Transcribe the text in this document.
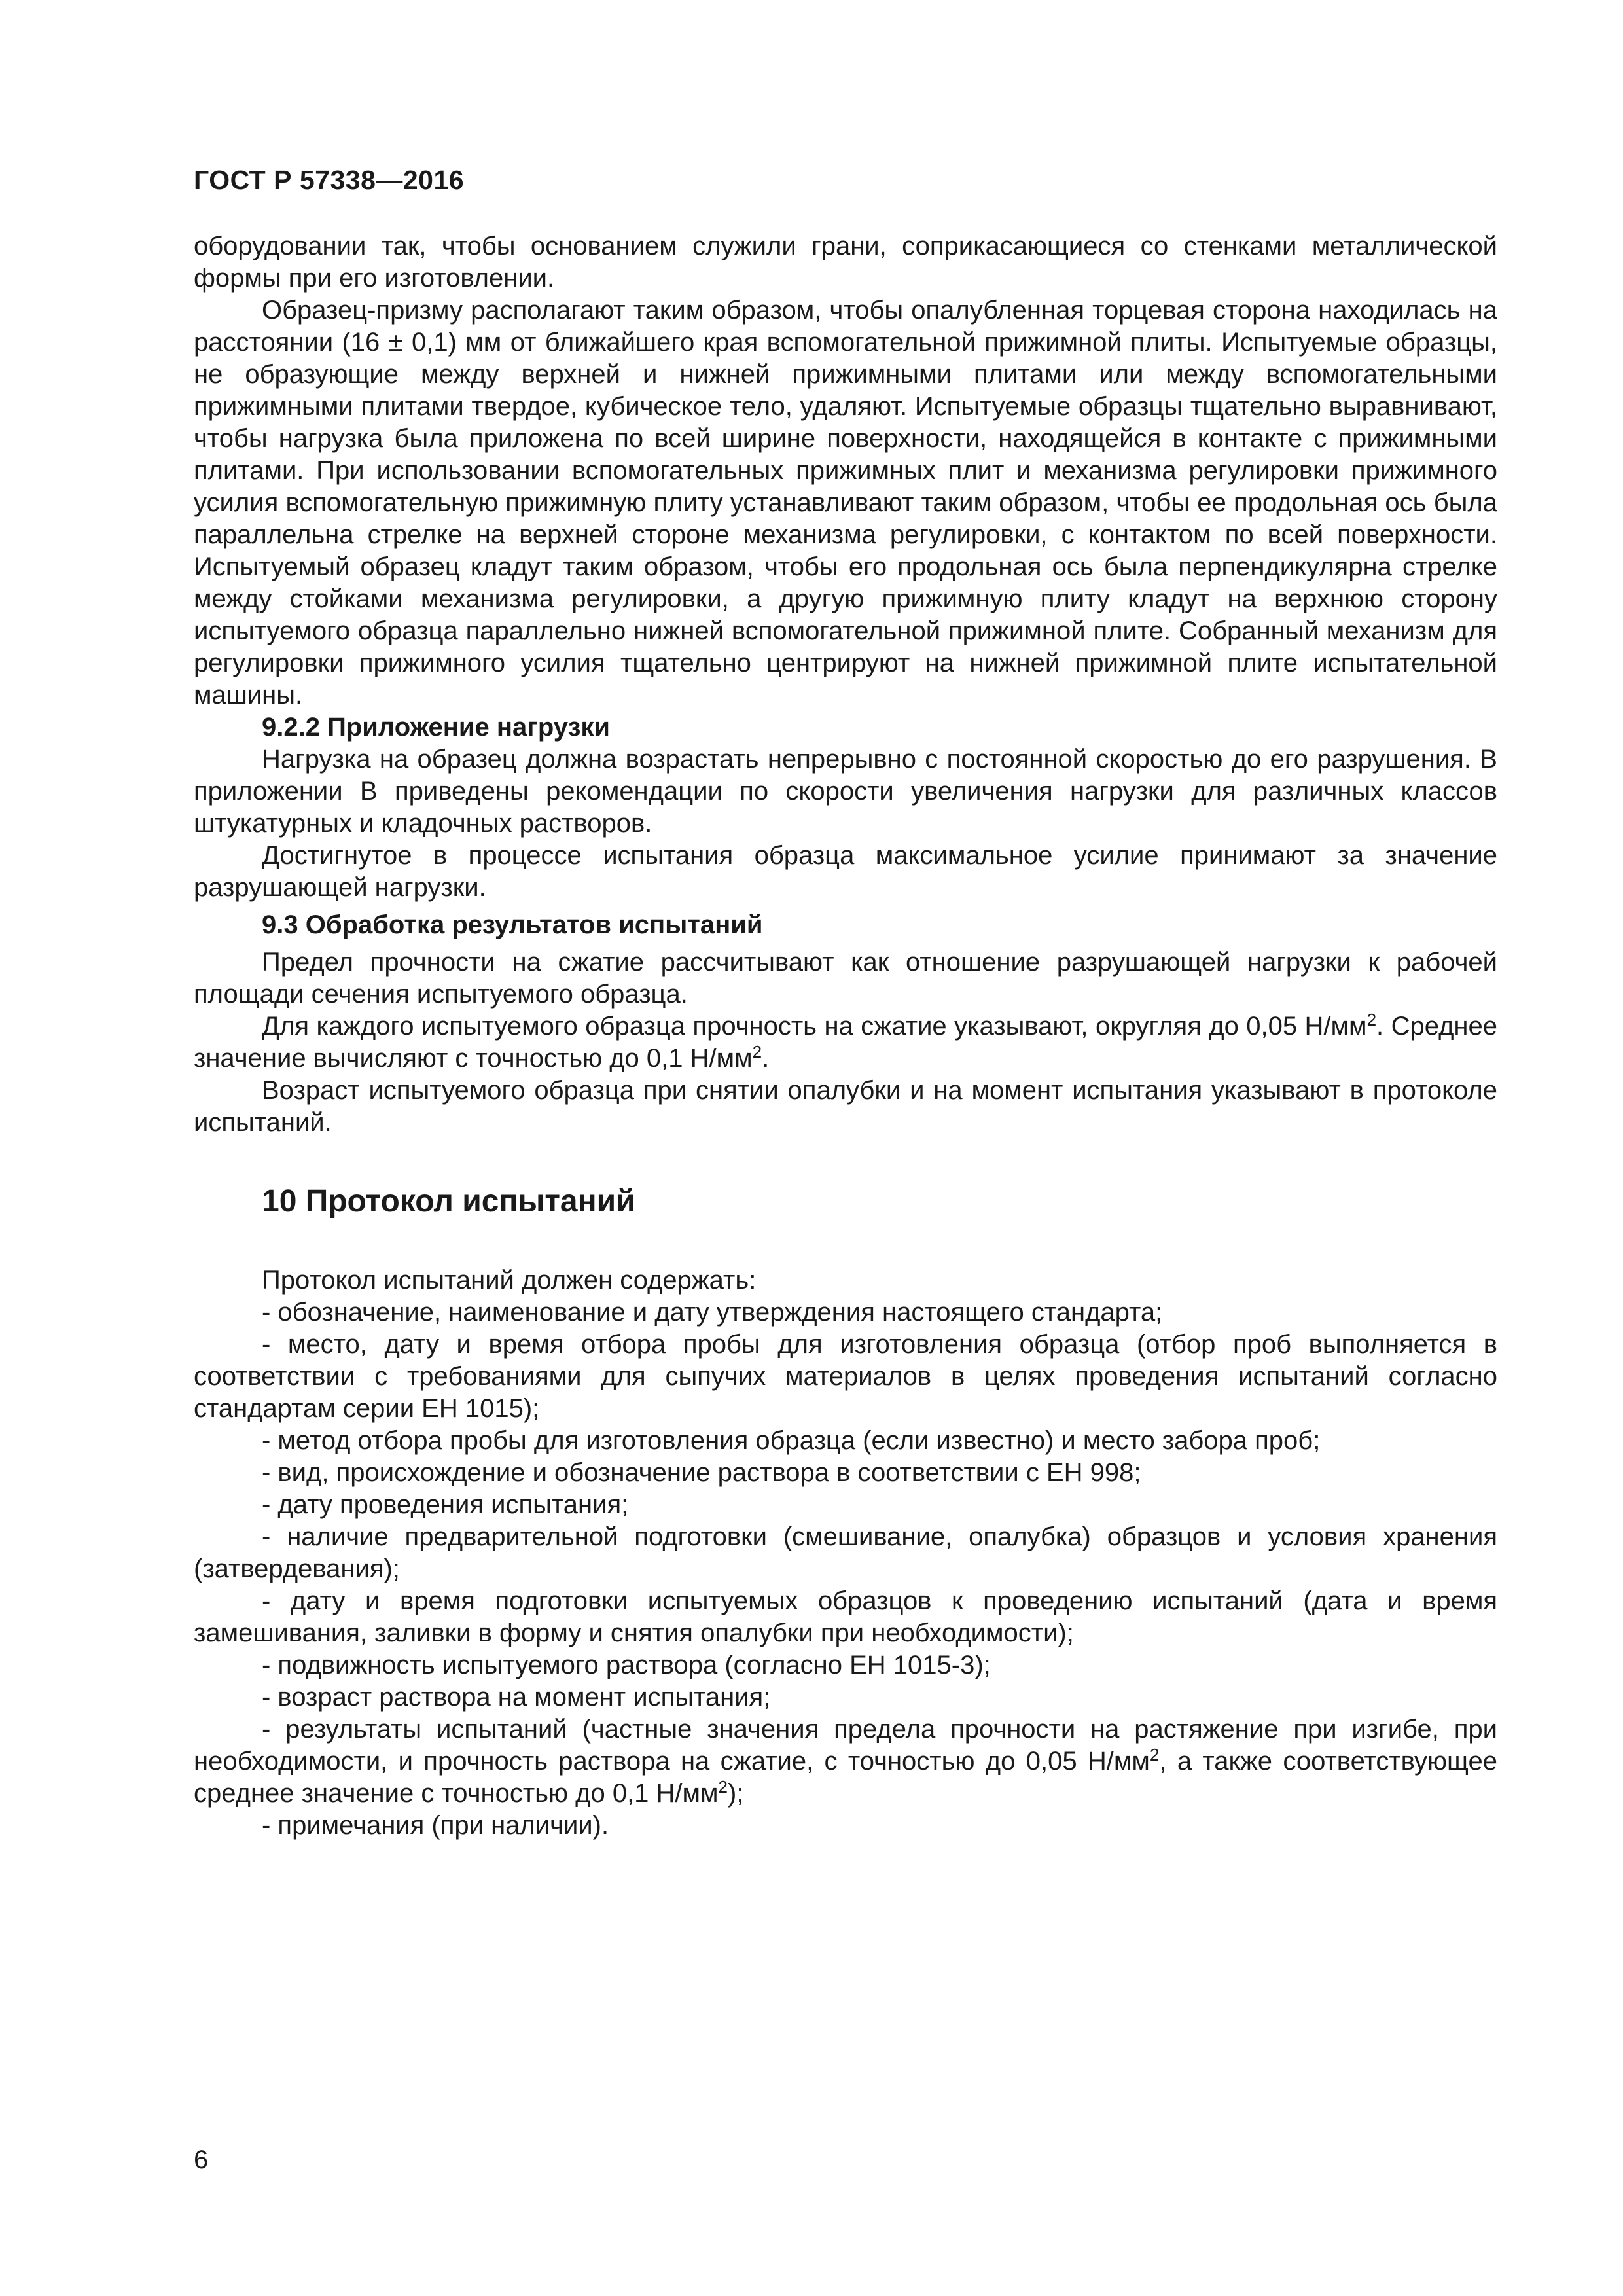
ГОСТ Р 57338—2016

оборудовании так, чтобы основанием служили грани, соприкасающиеся со стенками металлической формы при его изготовлении.

Образец-призму располагают таким образом, чтобы опалубленная торцевая сторона находилась на расстоянии (16 ± 0,1) мм от ближайшего края вспомогательной прижимной плиты. Испытуемые образцы, не образующие между верхней и нижней прижимными плитами или между вспомогательными прижимными плитами твердое, кубическое тело, удаляют. Испытуемые образцы тщательно выравнивают, чтобы нагрузка была приложена по всей ширине поверхности, находящейся в контакте с прижимными плитами. При использовании вспомогательных прижимных плит и механизма регулировки прижимного усилия вспомогательную прижимную плиту устанавливают таким образом, чтобы ее продольная ось была параллельна стрелке на верхней стороне механизма регулировки, с контактом по всей поверхности. Испытуемый образец кладут таким образом, чтобы его продольная ось была перпендикулярна стрелке между стойками механизма регулировки, а другую прижимную плиту кладут на верхнюю сторону испытуемого образца параллельно нижней вспомогательной прижимной плите. Собранный механизм для регулировки прижимного усилия тщательно центрируют на нижней прижимной плите испытательной машины.

9.2.2 Приложение нагрузки

Нагрузка на образец должна возрастать непрерывно с постоянной скоростью до его разрушения. В приложении В приведены рекомендации по скорости увеличения нагрузки для различных классов штукатурных и кладочных растворов.

Достигнутое в процессе испытания образца максимальное усилие принимают за значение разрушающей нагрузки.

9.3 Обработка результатов испытаний

Предел прочности на сжатие рассчитывают как отношение разрушающей нагрузки к рабочей площади сечения испытуемого образца.

Для каждого испытуемого образца прочность на сжатие указывают, округляя до 0,05 $Н/мм^2$. Среднее значение вычисляют с точностью до 0,1 $Н/мм^2$.

Возраст испытуемого образца при снятии опалубки и на момент испытания указывают в протоколе испытаний.

10 Протокол испытаний

Протокол испытаний должен содержать:

- обозначение, наименование и дату утверждения настоящего стандарта;

- место, дату и время отбора пробы для изготовления образца (отбор проб выполняется в соответствии с требованиями для сыпучих материалов в целях проведения испытаний согласно стандартам серии ЕН 1015);

- метод отбора пробы для изготовления образца (если известно) и место забора проб;

- вид, происхождение и обозначение раствора в соответствии с ЕН 998;

- дату проведения испытания;

- наличие предварительной подготовки (смешивание, опалубка) образцов и условия хранения (затвердевания);

- дату и время подготовки испытуемых образцов к проведению испытаний (дата и время замешивания, заливки в форму и снятия опалубки при необходимости);

- подвижность испытуемого раствора (согласно ЕН 1015-3);

- возраст раствора на момент испытания;

- результаты испытаний (частные значения предела прочности на растяжение при изгибе, при необходимости, и прочность раствора на сжатие, с точностью до 0,05 $Н/мм^2$, а также соответствующее среднее значение с точностью до 0,1 $Н/мм^2$);

- примечания (при наличии).

6
